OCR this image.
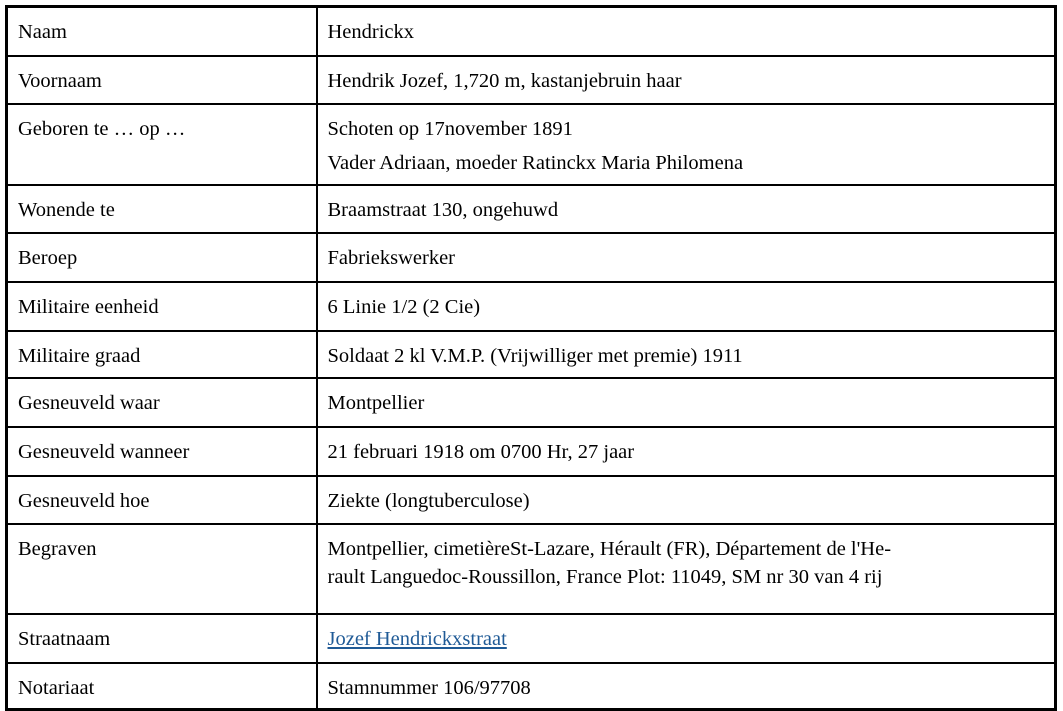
Naam	Hendrickx
Voornaam	Hendrik Jozef, 1,720 m, kastanjebruin haar
Geboren te … op …	Schoten op 17november 1891

Vader Adriaan, moeder Ratinckx Maria Philomena

Wonende te	Braamstraat 130, ongehuwd
Beroep	Fabriekswerker
Militaire eenheid	6 Linie 1/2 (2 Cie)
Militaire graad	Soldaat 2 kl V.M.P. (Vrijwilliger met premie) 1911
Gesneuveld waar	Montpellier
Gesneuveld wanneer	21 februari 1918 om 0700 Hr, 27 jaar
Gesneuveld hoe	Ziekte (longtuberculose)
Begraven	Montpellier, cimetièreSt-Lazare, Hérault (FR), Département de l'He-
rault Languedoc-Roussillon, France Plot: 11049, SM nr 30 van 4 rij

Straatnaam	Jozef Hendrickxstraat
Notariaat	Stamnummer 106/97708
